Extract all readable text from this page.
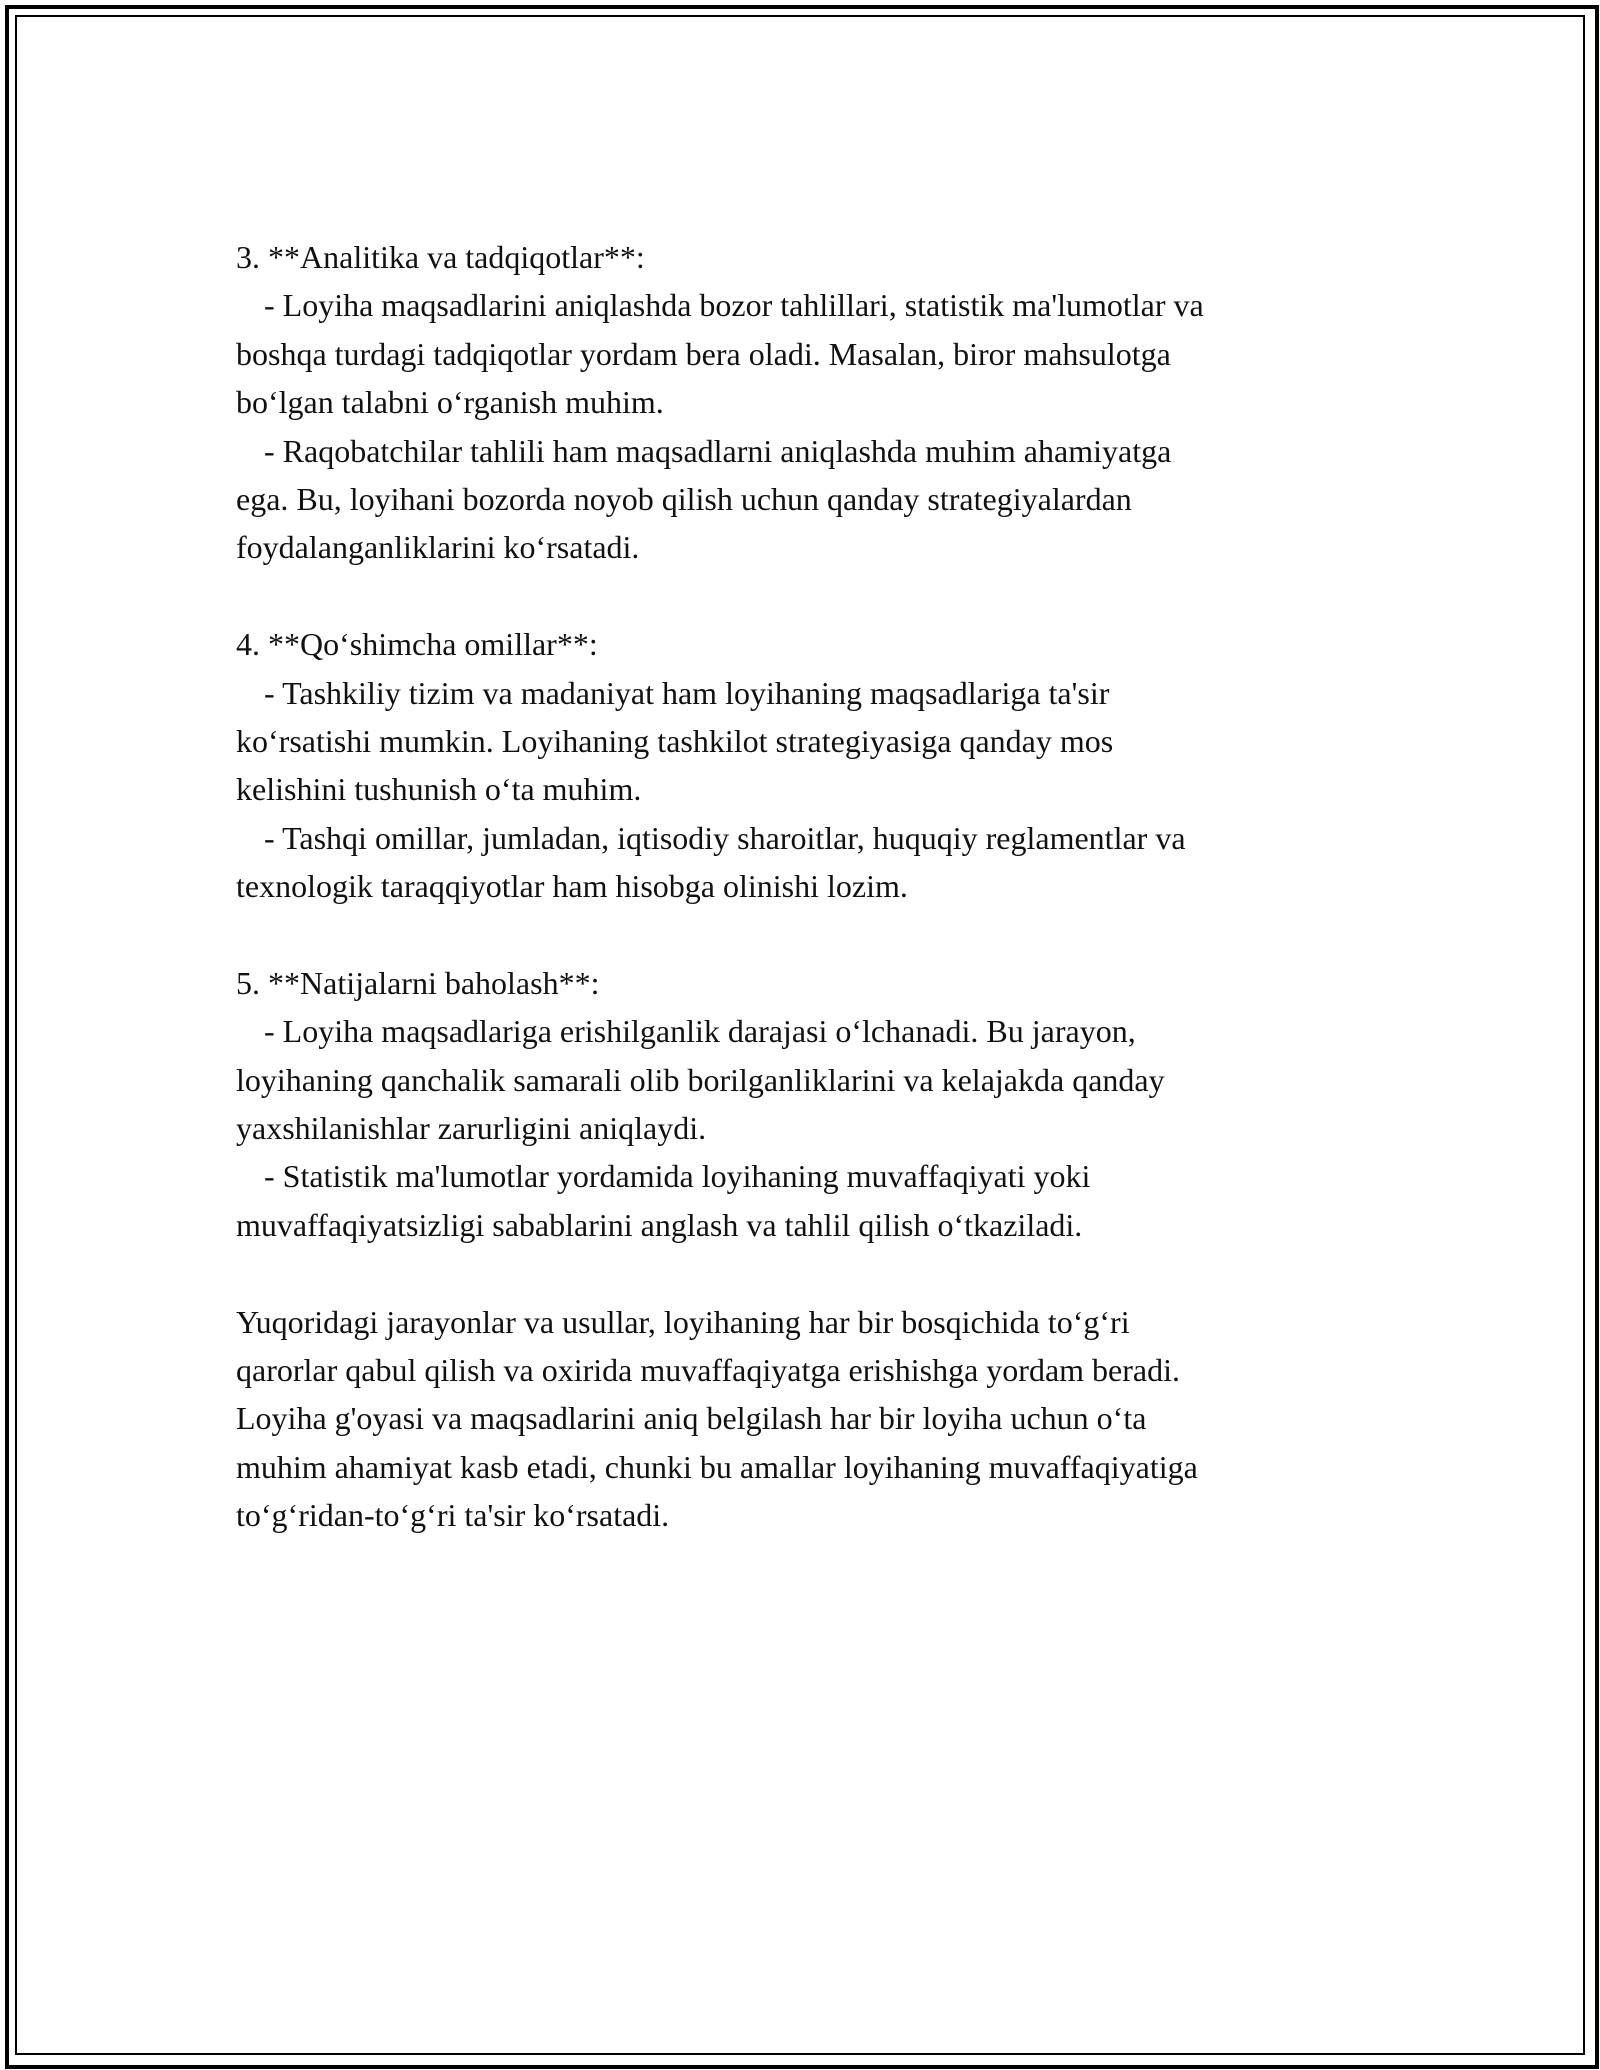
3. **Analitika va tadqiqotlar**:
- Loyiha maqsadlarini aniqlashda bozor tahlillari, statistik ma'lumotlar va
boshqa turdagi tadqiqotlar yordam bera oladi. Masalan, biror mahsulotga
bo‘lgan talabni o‘rganish muhim.
- Raqobatchilar tahlili ham maqsadlarni aniqlashda muhim ahamiyatga
ega. Bu, loyihani bozorda noyob qilish uchun qanday strategiyalardan
foydalanganliklarini ko‘rsatadi.
4. **Qo‘shimcha omillar**:
- Tashkiliy tizim va madaniyat ham loyihaning maqsadlariga ta'sir
ko‘rsatishi mumkin. Loyihaning tashkilot strategiyasiga qanday mos
kelishini tushunish o‘ta muhim.
- Tashqi omillar, jumladan, iqtisodiy sharoitlar, huquqiy reglamentlar va
texnologik taraqqiyotlar ham hisobga olinishi lozim.
5. **Natijalarni baholash**:
- Loyiha maqsadlariga erishilganlik darajasi o‘lchanadi. Bu jarayon,
loyihaning qanchalik samarali olib borilganliklarini va kelajakda qanday
yaxshilanishlar zarurligini aniqlaydi.
- Statistik ma'lumotlar yordamida loyihaning muvaffaqiyati yoki
muvaffaqiyatsizligi sabablarini anglash va tahlil qilish o‘tkaziladi.
Yuqoridagi jarayonlar va usullar, loyihaning har bir bosqichida to‘g‘ri
qarorlar qabul qilish va oxirida muvaffaqiyatga erishishga yordam beradi.
Loyiha g'oyasi va maqsadlarini aniq belgilash har bir loyiha uchun o‘ta
muhim ahamiyat kasb etadi, chunki bu amallar loyihaning muvaffaqiyatiga
to‘g‘ridan-to‘g‘ri ta'sir ko‘rsatadi.
